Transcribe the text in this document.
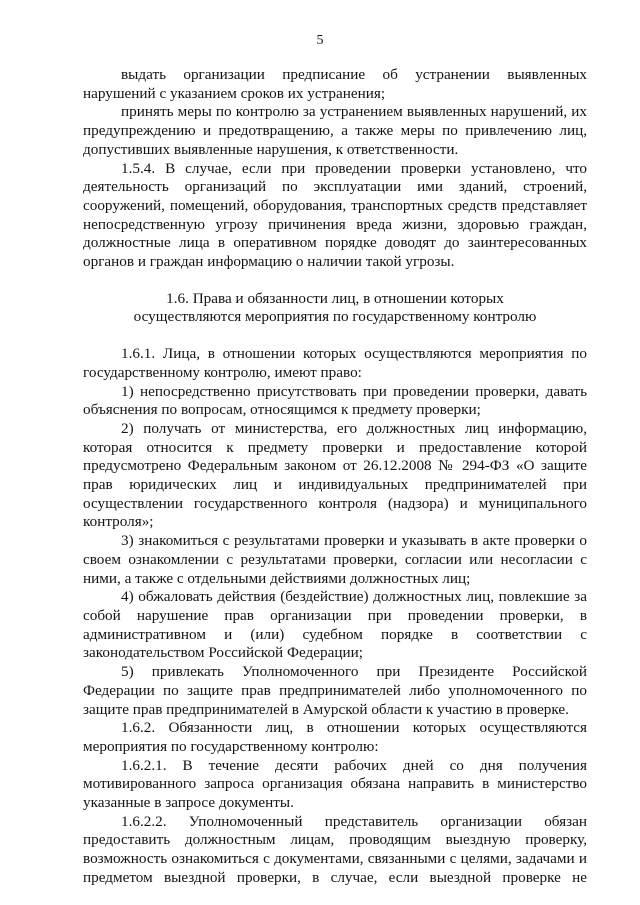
5

выдать организации предписание об устранении выявленных нарушений с указанием сроков их устранения;

принять меры по контролю за устранением выявленных нарушений, их предупреждению и предотвращению, а также меры по привлечению лиц, допустивших выявленные нарушения, к ответственности.

1.5.4. В случае, если при проведении проверки установлено, что деятельность организаций по эксплуатации ими зданий, строений, сооружений, помещений, оборудования, транспортных средств представляет непосредственную угрозу причинения вреда жизни, здоровью граждан, должностные лица в оперативном порядке доводят до заинтересованных органов и граждан информацию о наличии такой угрозы.

1.6. Права и обязанности лиц, в отношении которых

осуществляются мероприятия по государственному контролю

1.6.1. Лица, в отношении которых осуществляются мероприятия по государственному контролю, имеют право:

1) непосредственно присутствовать при проведении проверки, давать объяснения по вопросам, относящимся к предмету проверки;

2) получать от министерства, его должностных лиц информацию, которая относится к предмету проверки и предоставление которой предусмотрено Федеральным законом от 26.12.2008 № 294-ФЗ «О защите прав юридических лиц и индивидуальных предпринимателей при осуществлении государственного контроля (надзора) и муниципального контроля»;

3) знакомиться с результатами проверки и указывать в акте проверки о своем ознакомлении с результатами проверки, согласии или несогласии с ними, а также с отдельными действиями должностных лиц;

4) обжаловать действия (бездействие) должностных лиц, повлекшие за собой нарушение прав организации при проведении проверки, в административном и (или) судебном порядке в соответствии с законодательством Российской Федерации;

5) привлекать Уполномоченного при Президенте Российской Федерации по защите прав предпринимателей либо уполномоченного по защите прав предпринимателей в Амурской области к участию в проверке.

1.6.2. Обязанности лиц, в отношении которых осуществляются мероприятия по государственному контролю:

1.6.2.1. В течение десяти рабочих дней со дня получения мотивированного запроса организация обязана направить в министерство указанные в запросе документы.

1.6.2.2. Уполномоченный представитель организации обязан предоставить должностным лицам, проводящим выездную проверку, возможность ознакомиться с документами, связанными с целями, задачами и предметом выездной проверки, в случае, если выездной проверке не
